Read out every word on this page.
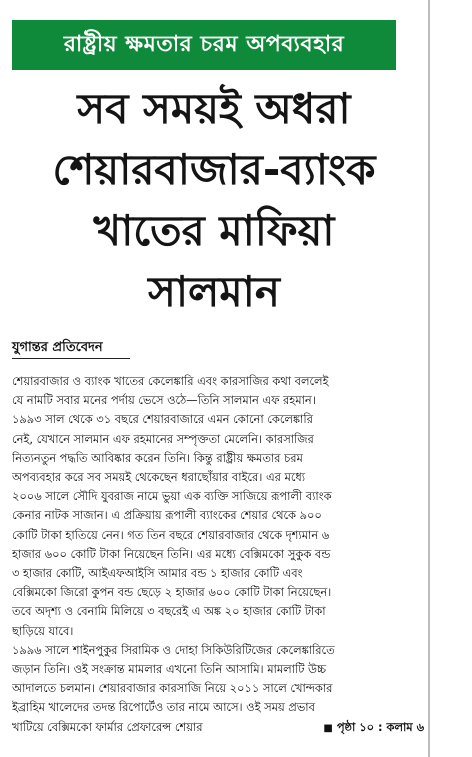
রাষ্ট্রীয় ক্ষমতার চরম অপব্যবহার
সব সময়ই অধরা
শেয়ারবাজার-ব্যাংক
খাতের মাফিয়া
সালমান
যুগান্তর প্রতিবেদন
শেয়ারবাজার ও ব্যাংক খাতের কেলেঙ্কারি এবং কারসাজির কথা বললেই
যে নামটি সবার মনের পর্দায় ভেসে ওঠে—তিনি সালমান এফ রহমান।
১৯৯৩ সাল থেকে ৩১ বছরে শেয়ারবাজারে এমন কোনো কেলেঙ্কারি
নেই, যেখানে সালমান এফ রহমানের সম্পৃক্ততা মেলেনি। কারসাজির
নিত্যনতুন পদ্ধতি আবিষ্কার করেন তিনি। কিন্তু রাষ্ট্রীয় ক্ষমতার চরম
অপব্যবহার করে সব সময়ই থেকেছেন ধরাছোঁয়ার বাইরে। এর মধ্যে
২০০৬ সালে সৌদি যুবরাজ নামে ভুয়া এক ব্যক্তি সাজিয়ে রূপালী ব্যাংক
কেনার নাটক সাজান। এ প্রক্রিয়ায় রূপালী ব্যাংকের শেয়ার থেকে ৯০০
কোটি টাকা হাতিয়ে নেন। গত তিন বছরে শেয়ারবাজার থেকে দৃশ্যমান ৬
হাজার ৬০০ কোটি টাকা নিয়েছেন তিনি। এর মধ্যে বেক্সিমকো সুকুক বন্ড
৩ হাজার কোটি, আইএফআইসি আমার বন্ড ১ হাজার কোটি এবং
বেক্সিমকো জিরো কুপন বন্ড ছেড়ে ২ হাজার ৬০০ কোটি টাকা নিয়েছেন।
তবে অদৃশ্য ও বেনামি মিলিয়ে ৩ বছরেই এ অঙ্ক ২০ হাজার কোটি টাকা
ছাড়িয়ে যাবে।
১৯৯৬ সালে শাইনপুকুর সিরামিক ও দোহা সিকিউরিটিজের কেলেঙ্কারিতে
জড়ান তিনি। ওই সংক্রান্ত মামলার এখনো তিনি আসামি। মামলাটি উচ্চ
আদালতে চলমান। শেয়ারবাজার কারসাজি নিয়ে ২০১১ সালে খোন্দকার
ইব্রাহিম খালেদের তদন্ত রিপোর্টেও তার নামে আসে। ওই সময় প্রভাব
খাটিয়ে বেক্সিমকো ফার্মার প্রেফারেন্স শেয়ার	■ পৃষ্ঠা ১০ : কলাম ৬
